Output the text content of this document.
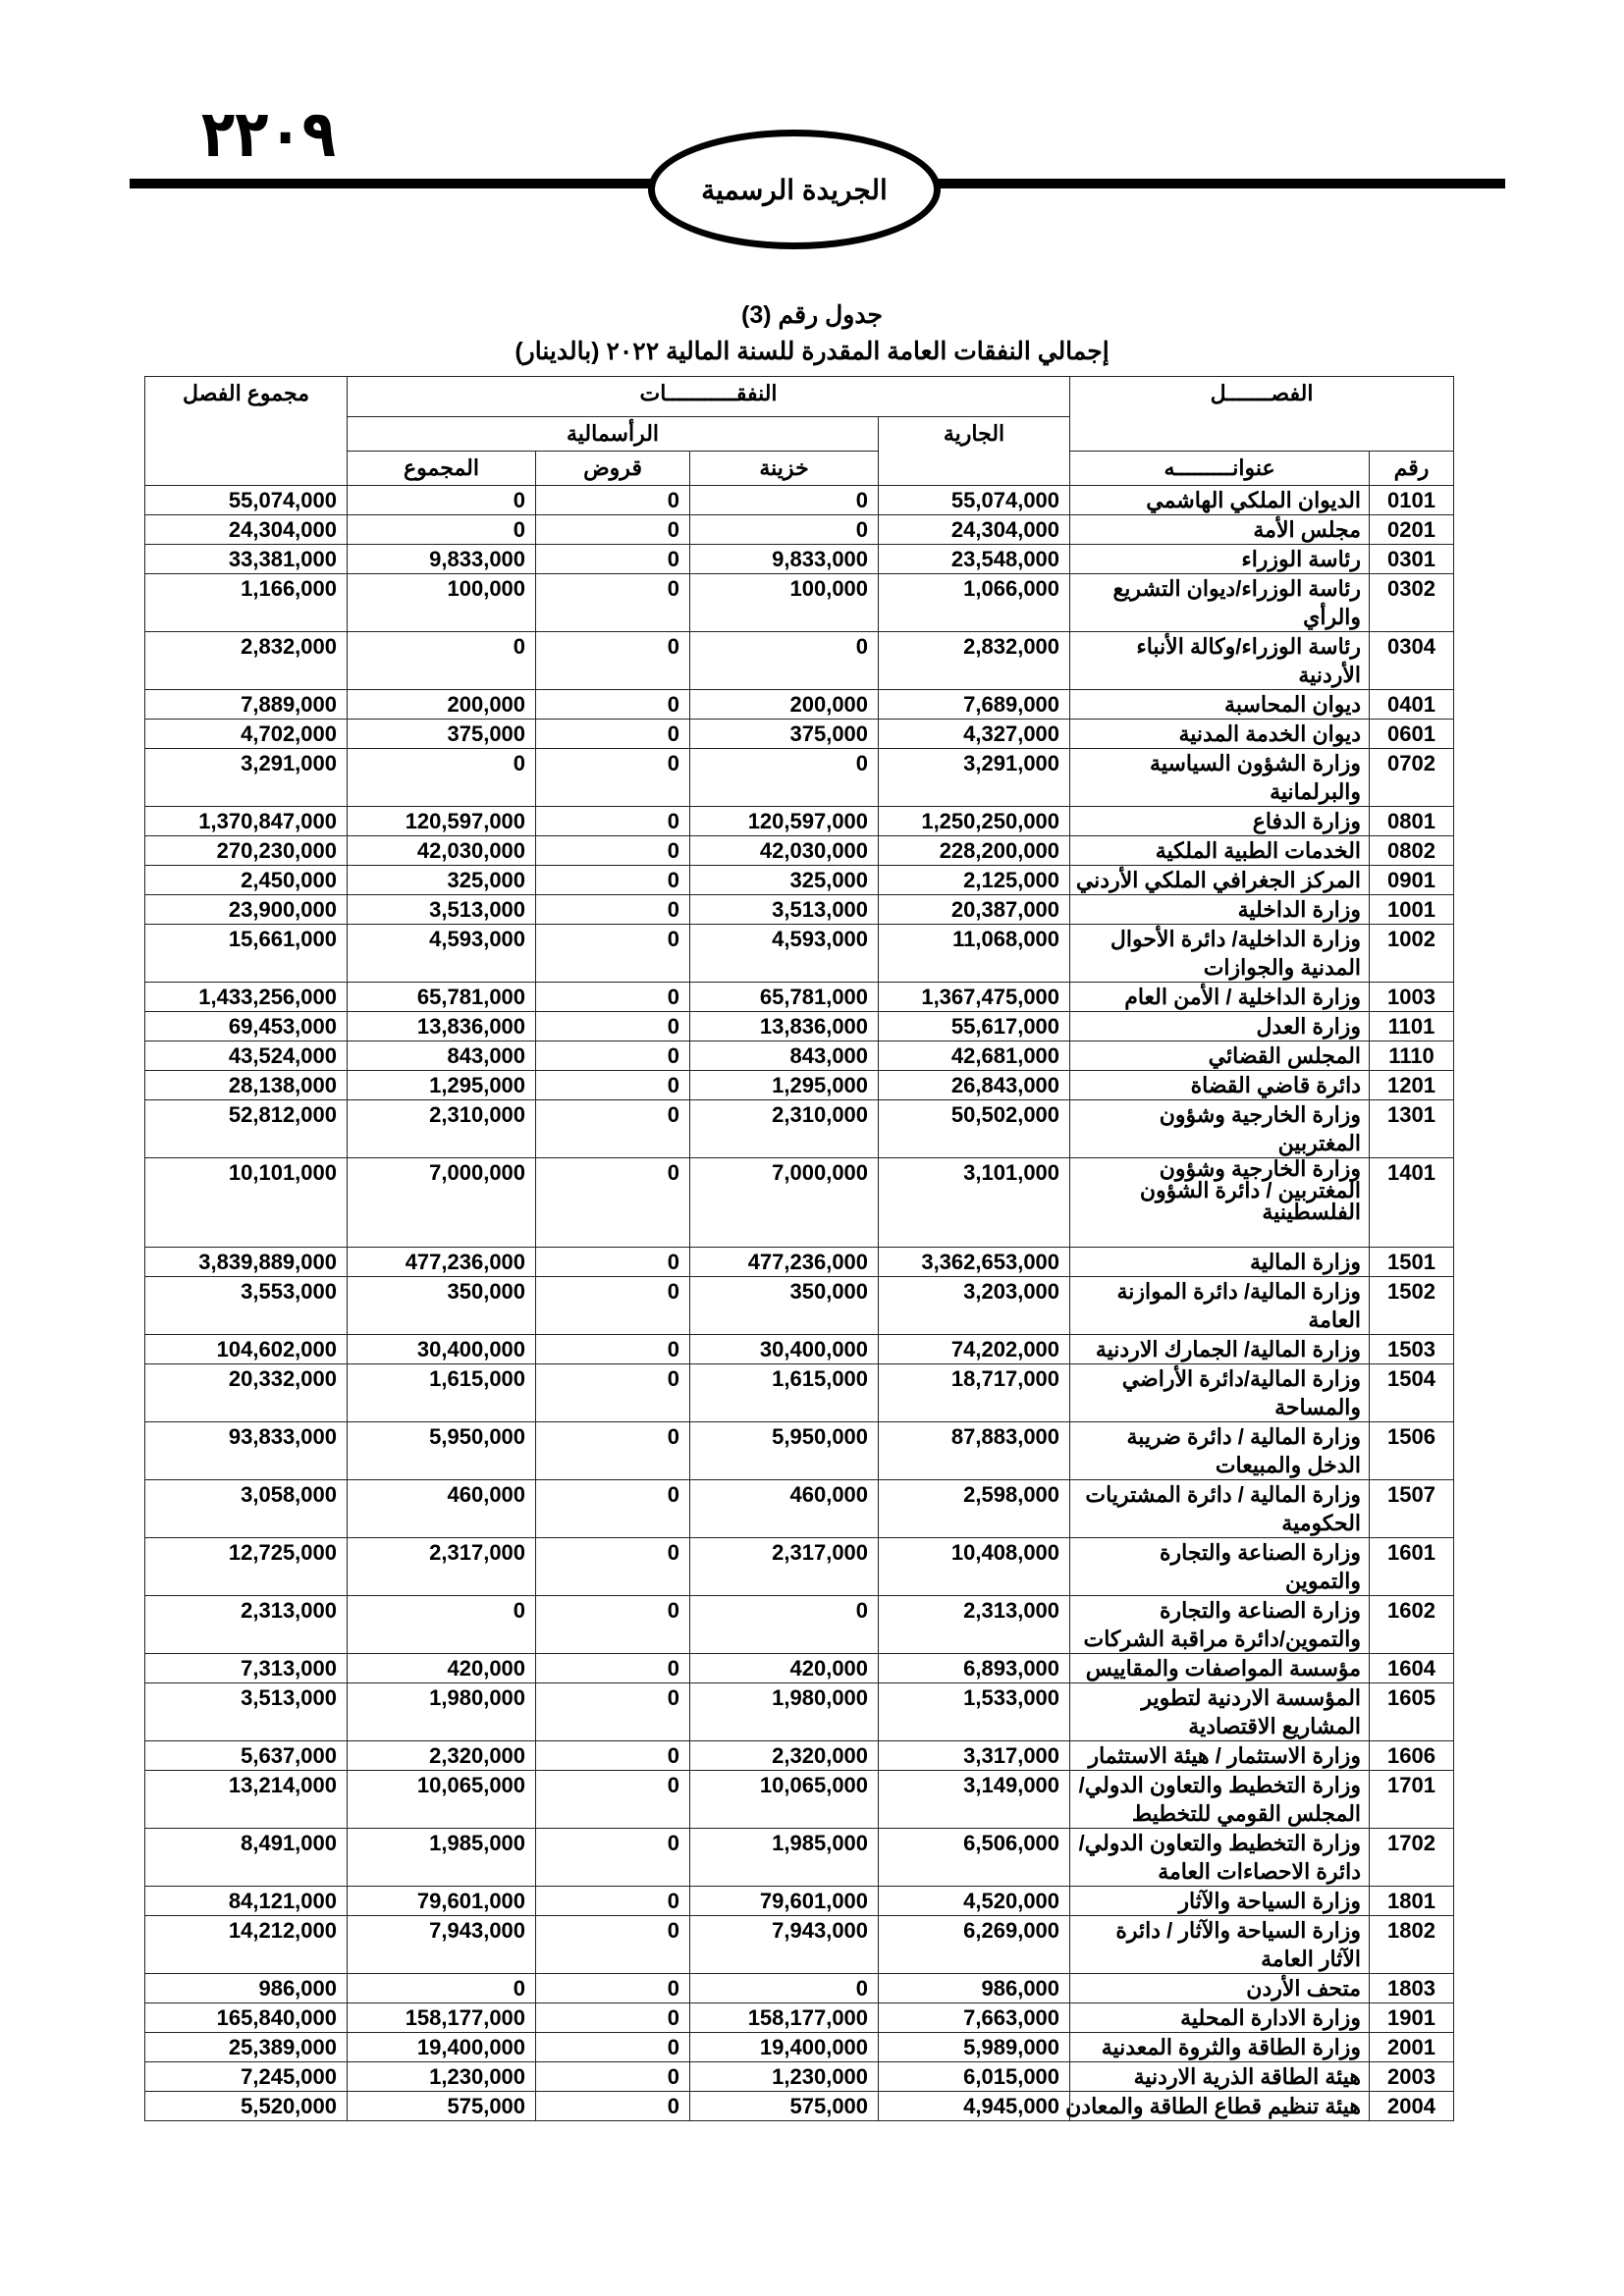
٢٢٠٩
الجريدة الرسمية
جدول رقم (3)
إجمالي النفقات العامة المقدرة للسنة المالية ٢٠٢٢ (بالدينار)
الفصـــــــل		النفقـــــــــــات				مجموع الفصل
		الجارية	الرأسمالية			
رقم	عنوانـــــــــه		خزينة	قروض	المجموع	
0101	الديوان الملكي الهاشمي	55,074,000	0	0	0	55,074,000
0201	مجلس الأمة	24,304,000	0	0	0	24,304,000
0301	رئاسة الوزراء	23,548,000	9,833,000	0	9,833,000	33,381,000
0302	رئاسة الوزراء/ديوان التشريع
والرأي	1,066,000	100,000	0	100,000	1,166,000
0304	رئاسة الوزراء/وكالة الأنباء
الأردنية	2,832,000	0	0	0	2,832,000
0401	ديوان المحاسبة	7,689,000	200,000	0	200,000	7,889,000
0601	ديوان الخدمة المدنية	4,327,000	375,000	0	375,000	4,702,000
0702	وزارة الشؤون السياسية
والبرلمانية	3,291,000	0	0	0	3,291,000
0801	وزارة الدفاع	1,250,250,000	120,597,000	0	120,597,000	1,370,847,000
0802	الخدمات الطبية الملكية	228,200,000	42,030,000	0	42,030,000	270,230,000
0901	المركز الجغرافي الملكي الأردني	2,125,000	325,000	0	325,000	2,450,000
1001	وزارة الداخلية	20,387,000	3,513,000	0	3,513,000	23,900,000
1002	وزارة الداخلية/ دائرة الأحوال
المدنية والجوازات	11,068,000	4,593,000	0	4,593,000	15,661,000
1003	وزارة الداخلية / الأمن العام	1,367,475,000	65,781,000	0	65,781,000	1,433,256,000
1101	وزارة العدل	55,617,000	13,836,000	0	13,836,000	69,453,000
1110	المجلس القضائي	42,681,000	843,000	0	843,000	43,524,000
1201	دائرة قاضي القضاة	26,843,000	1,295,000	0	1,295,000	28,138,000
1301	وزارة الخارجية وشؤون
المغتربين	50,502,000	2,310,000	0	2,310,000	52,812,000
1401	وزارة الخارجية وشؤون
المغتربين / دائرة الشؤون
الفلسطينية	3,101,000	7,000,000	0	7,000,000	10,101,000
1501	وزارة المالية	3,362,653,000	477,236,000	0	477,236,000	3,839,889,000
1502	وزارة المالية/ دائرة الموازنة
العامة	3,203,000	350,000	0	350,000	3,553,000
1503	وزارة المالية/ الجمارك الاردنية	74,202,000	30,400,000	0	30,400,000	104,602,000
1504	وزارة المالية/دائرة الأراضي
والمساحة	18,717,000	1,615,000	0	1,615,000	20,332,000
1506	وزارة المالية / دائرة ضريبة
الدخل والمبيعات	87,883,000	5,950,000	0	5,950,000	93,833,000
1507	وزارة المالية / دائرة المشتريات
الحكومية	2,598,000	460,000	0	460,000	3,058,000
1601	وزارة الصناعة والتجارة
والتموين	10,408,000	2,317,000	0	2,317,000	12,725,000
1602	وزارة الصناعة والتجارة
والتموين/دائرة مراقبة الشركات	2,313,000	0	0	0	2,313,000
1604	مؤسسة المواصفات والمقاييس	6,893,000	420,000	0	420,000	7,313,000
1605	المؤسسة الاردنية لتطوير
المشاريع الاقتصادية	1,533,000	1,980,000	0	1,980,000	3,513,000
1606	وزارة الاستثمار / هيئة الاستثمار	3,317,000	2,320,000	0	2,320,000	5,637,000
1701	وزارة التخطيط والتعاون الدولي/
المجلس القومي للتخطيط	3,149,000	10,065,000	0	10,065,000	13,214,000
1702	وزارة التخطيط والتعاون الدولي/
دائرة الاحصاءات العامة	6,506,000	1,985,000	0	1,985,000	8,491,000
1801	وزارة السياحة والآثار	4,520,000	79,601,000	0	79,601,000	84,121,000
1802	وزارة السياحة والآثار / دائرة
الآثار العامة	6,269,000	7,943,000	0	7,943,000	14,212,000
1803	متحف الأردن	986,000	0	0	0	986,000
1901	وزارة الادارة المحلية	7,663,000	158,177,000	0	158,177,000	165,840,000
2001	وزارة الطاقة والثروة المعدنية	5,989,000	19,400,000	0	19,400,000	25,389,000
2003	هيئة الطاقة الذرية الاردنية	6,015,000	1,230,000	0	1,230,000	7,245,000
2004	هيئة تنظيم قطاع الطاقة والمعادن	4,945,000	575,000	0	575,000	5,520,000
